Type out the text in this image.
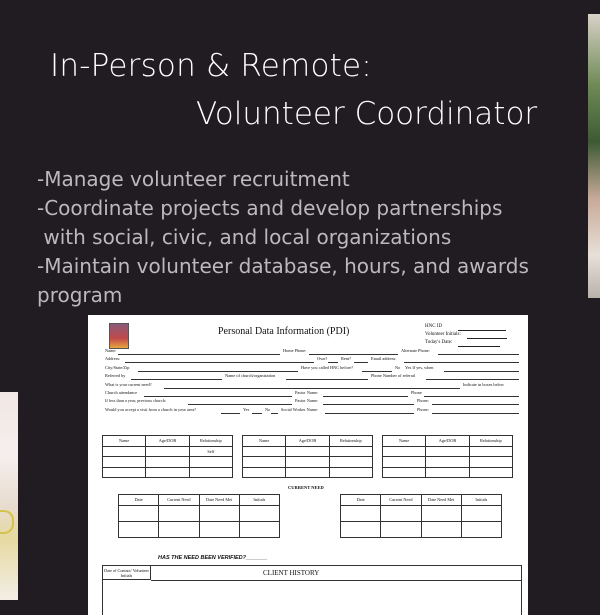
In-Person & Remote:
Volunteer Coordinator
-Manage volunteer recruitment
-Coordinate projects and develop partnerships
with social, civic, and local organizations
-Maintain volunteer database, hours, and awards
program
Personal Data Information (PDI)	HNC ID
Volunteer Initials:
Today's Date:
Name:	Home Phone:	Alternate Phone:
Address:	Own?	Rent?	Email address:
City/State/Zip	Have you called HNC before?	No Yes If yes, when
Referred by	Name of church/organization	Phone Number of referral
What is your current need?	Indicate in boxes below
Church attendance	Pastor Name:	Phone
If less than a year, previous church:	Pastor Name:	Phone:
Would you accept a visit from a church in your area?	Yes	No Social Worker Name:	Phone:
Name	Age/DOB	Relationship
		Self

Name	Age/DOB	Relationship

			Name	Age/DOB	Relationship

CURRENT NEED
Date	Current Need	Date Need Met	Initials

				Date	Current Need	Date Need Met	Initials

HAS THE NEED BEEN VERIFIED?_______
Date of Contact/ Volunteer Initials	CLIENT HISTORY
